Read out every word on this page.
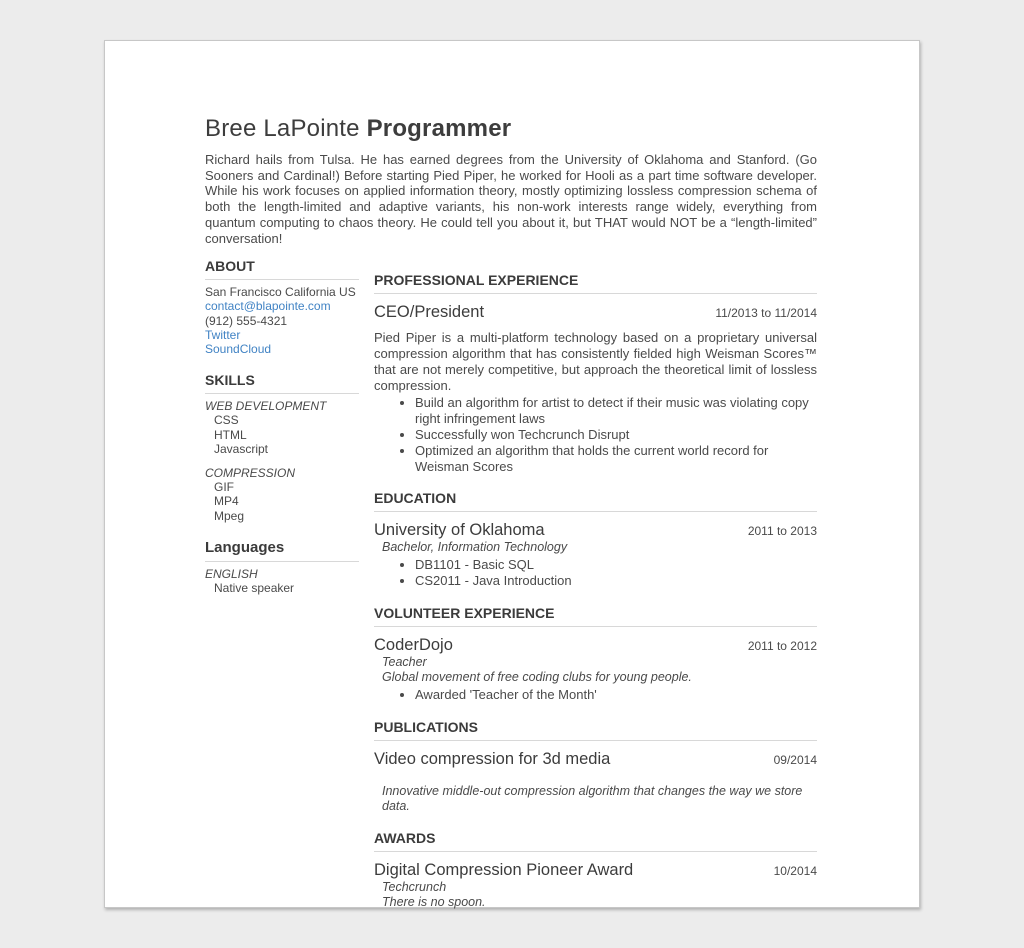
Bree LaPointe Programmer

Richard hails from Tulsa. He has earned degrees from the University of Oklahoma and Stanford. (Go Sooners and Cardinal!) Before starting Pied Piper, he worked for Hooli as a part time software developer. While his work focuses on applied information theory, mostly optimizing lossless compression schema of both the length-limited and adaptive variants, his non-work interests range widely, everything from quantum computing to chaos theory. He could tell you about it, but THAT would NOT be a “length-limited” conversation!

ABOUT
San Francisco California US
contact@blapointe.com
(912) 555-4321
Twitter
SoundCloud
SKILLS
WEB DEVELOPMENT
CSS
HTML
Javascript
COMPRESSION
GIF
MP4
Mpeg
Languages
ENGLISH
Native speaker
PROFESSIONAL EXPERIENCE
CEO/President	11/2013 to 11/2014

Pied Piper is a multi-platform technology based on a proprietary universal compression algorithm that has consistently fielded high Weisman Scores™ that are not merely competitive, but approach the theoretical limit of lossless compression.

• Build an algorithm for artist to detect if their music was violating copy right infringement laws
• Successfully won Techcrunch Disrupt
• Optimized an algorithm that holds the current world record for Weisman Scores
EDUCATION
University of Oklahoma	2011 to 2013
Bachelor, Information Technology
• DB1101 - Basic SQL
• CS2011 - Java Introduction
VOLUNTEER EXPERIENCE
CoderDojo	2011 to 2012
Teacher
Global movement of free coding clubs for young people.
• Awarded 'Teacher of the Month'
PUBLICATIONS
Video compression for 3d media	09/2014
Innovative middle-out compression algorithm that changes the way we store data.
AWARDS
Digital Compression Pioneer Award	10/2014
Techcrunch
There is no spoon.
